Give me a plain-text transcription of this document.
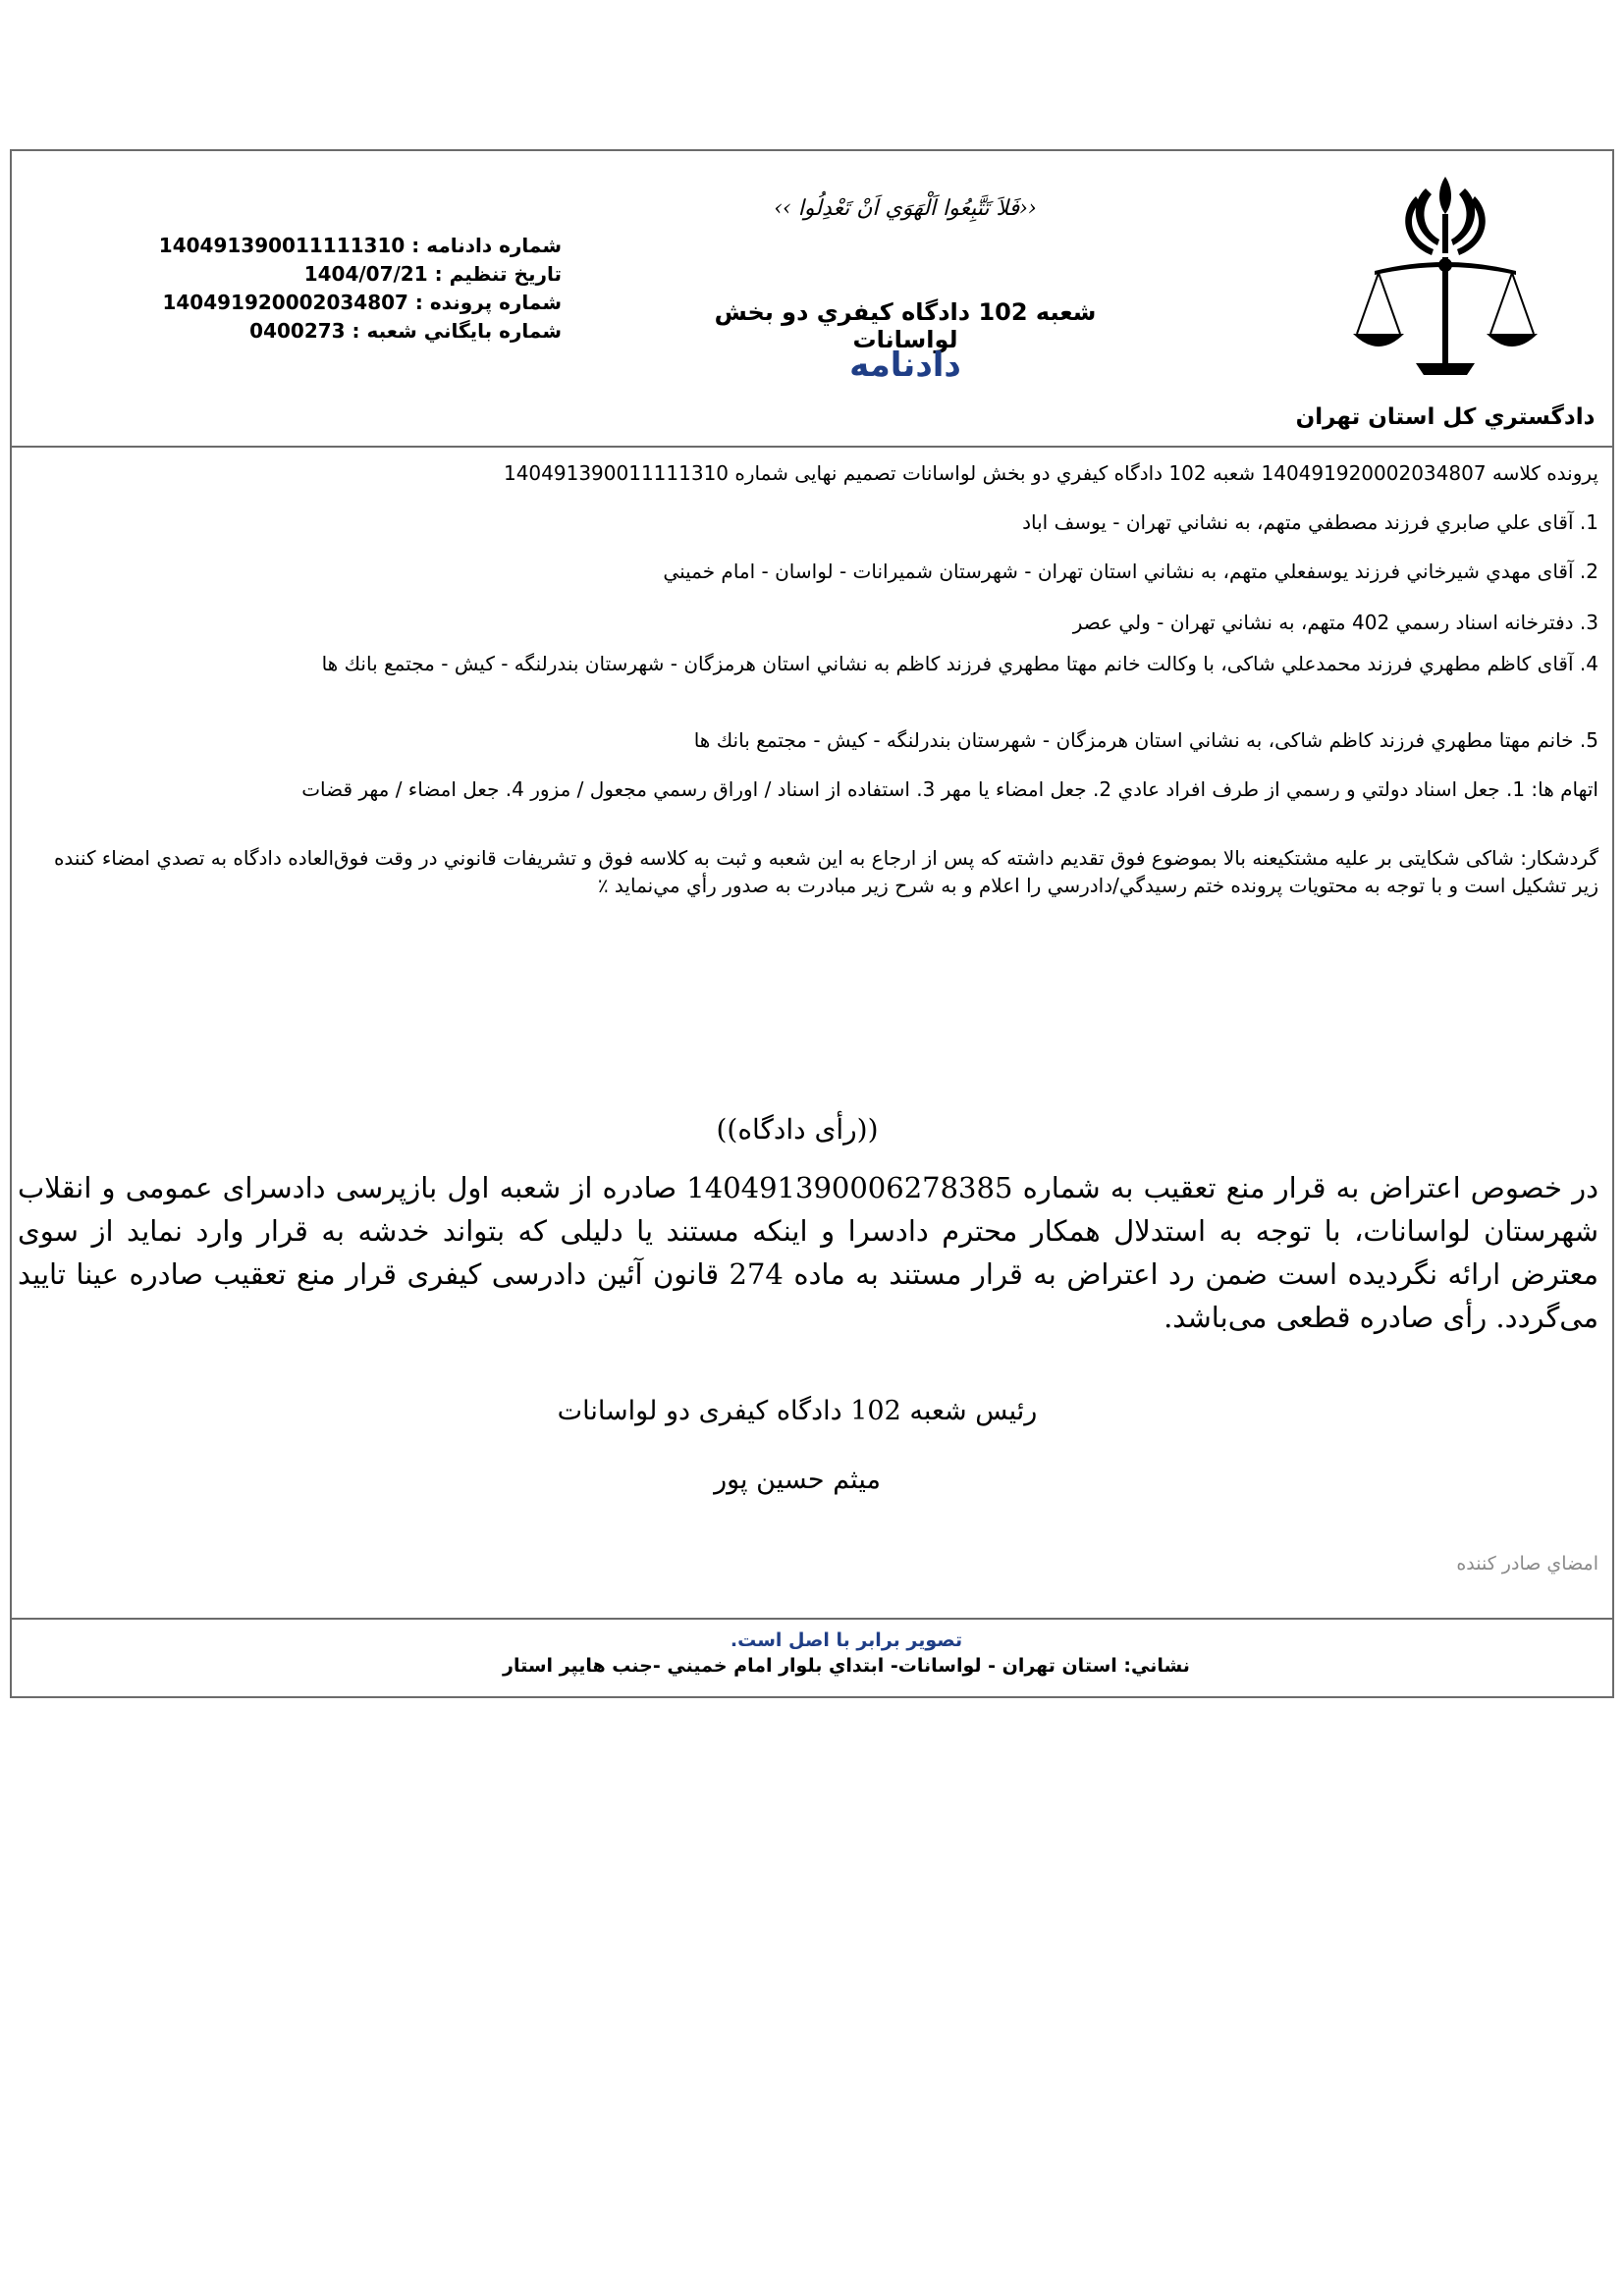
‹‹فَلاَ تَتَّبِعُوا اَلْهَوَي اَنْ تَعْدِلُوا ››
شعبه 102 دادگاه کيفري دو بخش لواسانات
دادنامه
شماره دادنامه : 140491390011111310
تاريخ تنظيم : 1404/07/21
شماره پرونده : 140491920002034807
شماره بايگاني شعبه : 0400273
دادگستري کل استان تهران
پرونده کلاسه 140491920002034807 شعبه 102 دادگاه کيفري دو بخش لواسانات تصميم نهايی شماره 140491390011111310
1. آقای علي صابري فرزند مصطفي متهم، به نشاني تهران - يوسف اباد
2. آقای مهدي شيرخاني فرزند يوسفعلي متهم، به نشاني استان تهران - شهرستان شميرانات - لواسان - امام خميني
3. دفترخانه اسناد رسمي 402 متهم، به نشاني تهران - ولي عصر
4. آقای کاظم مطهري فرزند محمدعلي شاکی، با وکالت خانم مهتا مطهري فرزند کاظم به نشاني استان هرمزگان - شهرستان بندرلنگه - کيش - مجتمع بانك ها
5. خانم مهتا مطهري فرزند کاظم شاکی، به نشاني استان هرمزگان - شهرستان بندرلنگه - کيش - مجتمع بانك ها
اتهام ها: 1. جعل اسناد دولتي و رسمي از طرف افراد عادي 2. جعل امضاء يا مهر 3. استفاده از اسناد / اوراق رسمي مجعول / مزور 4. جعل امضاء / مهر قضات
گردشکار: شاکی شکايتی بر عليه مشتکیعنه بالا بموضوع فوق تقديم داشته که پس از ارجاع به اين شعبه و ثبت به کلاسه فوق و تشريفات قانوني در وقت فوق‌العاده دادگاه به تصدي امضاء کننده زير تشکيل است و با توجه به محتويات پرونده ختم رسيدگي/دادرسي را اعلام و به شرح زير مبادرت به صدور رأي مي‌نمايد ٪
((رأی دادگاه))
در خصوص اعتراض به قرار منع تعقیب به شماره 140491390006278385 صادره از شعبه اول بازپرسی دادسرای عمومی و انقلاب شهرستان لواسانات، با توجه به استدلال همکار محترم دادسرا و اینکه مستند یا دلیلی که بتواند خدشه به قرار وارد نماید از سوی معترض ارائه نگردیده است ضمن رد اعتراض به قرار مستند به ماده 274 قانون آئین دادرسی کیفری قرار منع تعقیب صادره عینا تایید می‌گردد. رأی صادره قطعی می‌باشد.
رئیس شعبه 102 دادگاه کیفری دو لواسانات
میثم حسین پور
امضاي صادر کننده
تصوير برابر با اصل است.
نشاني: استان تهران - لواسانات- ابتداي بلوار امام خميني -جنب هايپر استار
